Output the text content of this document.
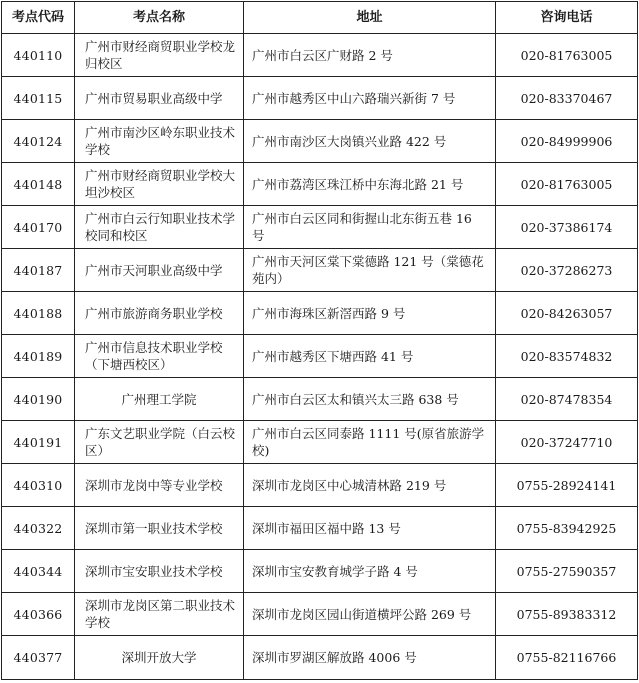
考点代码	考点名称	地址	咨询电话
440110	广州市财经商贸职业学校龙归校区	广州市白云区广财路 2 号	020-81763005
440115	广州市贸易职业高级中学	广州市越秀区中山六路瑞兴新街 7 号	020-83370467
440124	广州市南沙区岭东职业技术学校	广州市南沙区大岗镇兴业路 422 号	020-84999906
440148	广州市财经商贸职业学校大坦沙校区	广州市荔湾区珠江桥中东海北路 21 号	020-81763005
440170	广州市白云行知职业技术学校同和校区	广州市白云区同和街握山北东街五巷 16 号	020-37386174
440187	广州市天河职业高级中学	广州市天河区棠下棠德路 121 号（棠德花苑内）	020-37286273
440188	广州市旅游商务职业学校	广州市海珠区新滘西路 9 号	020-84263057
440189	广州市信息技术职业学校（下塘西校区）	广州市越秀区下塘西路 41 号	020-83574832
440190	广州理工学院	广州市白云区太和镇兴太三路 638 号	020-87478354
440191	广东文艺职业学院（白云校区）	广州市白云区同泰路 1111 号(原省旅游学校)	020-37247710
440310	深圳市龙岗中等专业学校	深圳市龙岗区中心城清林路 219 号	0755-28924141
440322	深圳市第一职业技术学校	深圳市福田区福中路 13 号	0755-83942925
440344	深圳市宝安职业技术学校	深圳市宝安教育城学子路 4 号	0755-27590357
440366	深圳市龙岗区第二职业技术学校	深圳市龙岗区园山街道横坪公路 269 号	0755-89383312
440377	深圳开放大学	深圳市罗湖区解放路 4006 号	0755-82116766
